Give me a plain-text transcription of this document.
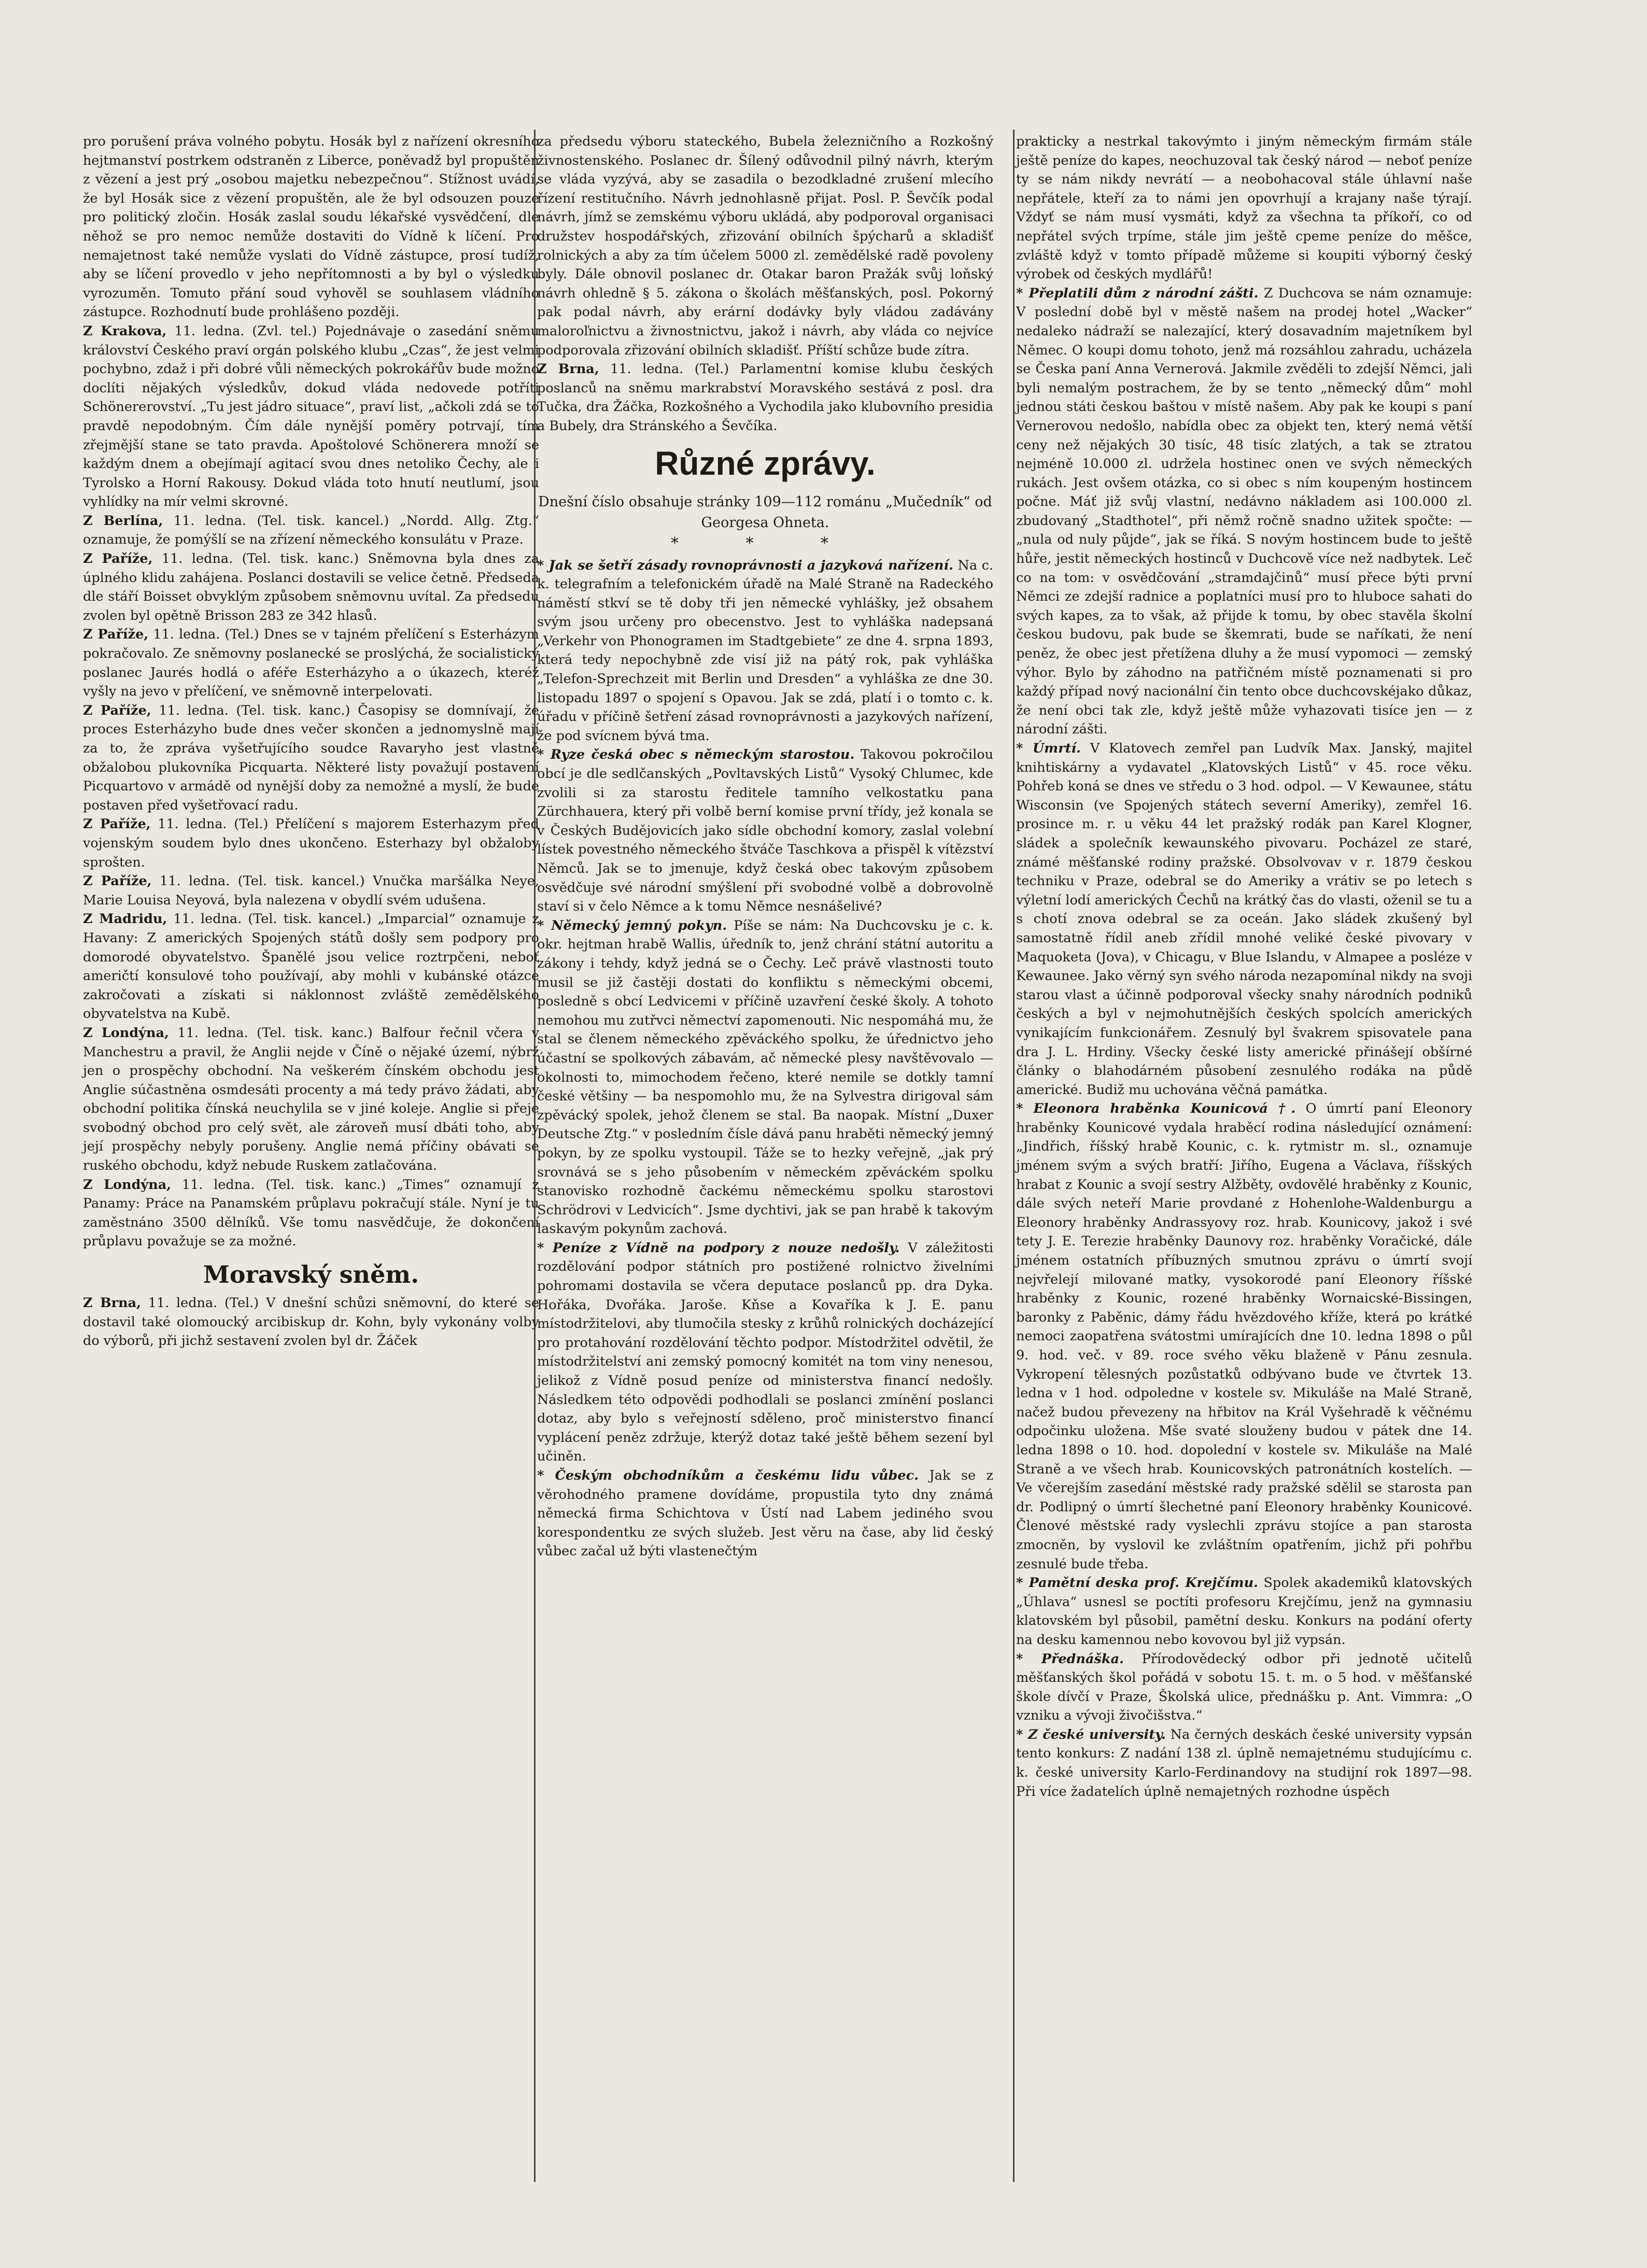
pro porušení práva volného pobytu. Hosák byl z nařízení okresního hejtmanství postrkem odstraněn z Liberce, poněvadž byl propuštěn z vězení a jest prý „osobou majetku nebezpečnou“. Stížnost uvádí, že byl Hosák sice z vězení propuštěn, ale že byl odsouzen pouze pro politický zločin. Hosák zaslal soudu lékařské vysvědčení, dle něhož se pro nemoc nemůže dostaviti do Vídně k líčení. Pro nemajetnost také nemůže vyslati do Vídně zástupce, prosí tudíž, aby se líčení provedlo v jeho nepřítomnosti a by byl o výsledku vyrozuměn. Tomuto přání soud vyhověl se souhlasem vládního zástupce. Rozhodnutí bude prohlášeno později.

Z Krakova, 11. ledna. (Zvl. tel.) Pojednávaje o zasedání sněmu království Českého praví orgán polského klubu „Czas“, že jest velmi pochybno, zdaž i při dobré vůli německých pokrokářův bude možno doclíti nějakých výsledkův, dokud vláda nedovede potříti Schönererovství. „Tu jest jádro situace“, praví list, „ačkoli zdá se to pravdě nepodobným. Čím dále nynější poměry potrvají, tím zřejmější stane se tato pravda. Apoštolové Schönerera množí se každým dnem a obejímají agitací svou dnes netoliko Čechy, ale i Tyrolsko a Horní Rakousy. Dokud vláda toto hnutí neutlumí, jsou vyhlídky na mír velmi skrovné.

Z Berlína, 11. ledna. (Tel. tisk. kancel.) „Nordd. Allg. Ztg.“ oznamuje, že pomýšlí se na zřízení německého konsulátu v Praze.

Z Paříže, 11. ledna. (Tel. tisk. kanc.) Sněmovna byla dnes za úplného klidu zahájena. Poslanci dostavili se velice četně. Předseda dle stáří Boisset obvyklým způsobem sněmovnu uvítal. Za předsedu zvolen byl opětně Brisson 283 ze 342 hlasů.

Z Paříže, 11. ledna. (Tel.) Dnes se v tajném přelíčení s Esterházym pokračovalo. Ze sněmovny poslanecké se proslýchá, že socialistický poslanec Jaurés hodlá o aféře Esterházyho a o úkazech, kteréž vyšly na jevo v přelíčení, ve sněmovně interpelovati.

Z Paříže, 11. ledna. (Tel. tisk. kanc.) Časopisy se domnívají, že proces Esterházyho bude dnes večer skončen a jednomyslně mají za to, že zpráva vyšetřujícího soudce Ravaryho jest vlastně obžalobou plukovníka Picquarta. Některé listy považují postavení Picquartovo v armádě od nynější doby za nemožné a myslí, že bude postaven před vyšetřovací radu.

Z Paříže, 11. ledna. (Tel.) Přelíčení s majorem Esterhazym před vojenským soudem bylo dnes ukončeno. Esterhazy byl obžaloby sprošten.

Z Paříže, 11. ledna. (Tel. tisk. kancel.) Vnučka maršálka Neye, Marie Louisa Neyová, byla nalezena v obydlí svém udušena.

Z Madridu, 11. ledna. (Tel. tisk. kancel.) „Imparcial“ oznamuje z Havany: Z amerických Spojených států došly sem podpory pro domorodé obyvatelstvo. Španělé jsou velice roztrpčeni, neboť američtí konsulové toho používají, aby mohli v kubánské otázce zakročovati a získati si náklonnost zvláště zemědělského obyvatelstva na Kubě.

Z Londýna, 11. ledna. (Tel. tisk. kanc.) Balfour řečnil včera v Manchestru a pravil, že Anglii nejde v Číně o nějaké území, nýbrž jen o prospěchy obchodní. Na veškerém čínském obchodu jest Anglie súčastněna osmdesáti procenty a má tedy právo žádati, aby obchodní politika čínská neuchylila se v jiné koleje. Anglie si přeje svobodný obchod pro celý svět, ale zároveň musí dbáti toho, aby její prospěchy nebyly porušeny. Anglie nemá příčiny obávati se ruského obchodu, když nebude Ruskem zatlačována.

Z Londýna, 11. ledna. (Tel. tisk. kanc.) „Times“ oznamují z Panamy: Práce na Panamském průplavu pokračují stále. Nyní je tu zaměstnáno 3500 dělníků. Vše tomu nasvědčuje, že dokončení průplavu považuje se za možné.

Moravský sněm.

Z Brna, 11. ledna. (Tel.) V dnešní schůzi sněmovní, do které se dostavil také olomoucký arcibiskup dr. Kohn, byly vykonány volby do výborů, při jichž sestavení zvolen byl dr. Žáček

za předsedu výboru stateckého, Bubela železničního a Rozkošný živnostenského. Poslanec dr. Šílený odůvodnil pilný návrh, kterým se vláda vyzývá, aby se zasadila o bezodkladné zrušení mlecího řízení restitučního. Návrh jednohlasně přijat. Posl. P. Ševčík podal návrh, jímž se zemskému výboru ukládá, aby podporoval organisaci družstev hospodářských, zřizování obilních špýcharů a skladišť rolnických a aby za tím účelem 5000 zl. zemědělské radě povoleny byly. Dále obnovil poslanec dr. Otakar baron Pražák svůj loňský návrh ohledně § 5. zákona o školách měšťanských, posl. Pokorný pak podal návrh, aby erární dodávky byly vládou zadávány maloroľnictvu a živnostnictvu, jakož i návrh, aby vláda co nejvíce podporovala zřizování obilních skladišť. Příští schůze bude zítra.

Z Brna, 11. ledna. (Tel.) Parlamentní komise klubu českých poslanců na sněmu markrabství Moravského sestává z posl. dra Tučka, dra Žáčka, Rozkošného a Vychodila jako klubovního presidia a Bubely, dra Stránského a Ševčíka.

Různé zprávy.

Dnešní číslo obsahuje stránky 109—112 románu „Mučedník“ od Georgesa Ohneta.

* * *

* Jak se šetří zásady rovnoprávnosti a jazyková nařízení. Na c. k. telegrafním a telefonickém úřadě na Malé Straně na Radeckého náměstí stkví se tě doby tři jen německé vyhlášky, jež obsahem svým jsou určeny pro obecenstvo. Jest to vyhláška nadepsaná „Verkehr von Phonogramen im Stadtgebiete“ ze dne 4. srpna 1893, která tedy nepochybně zde visí již na pátý rok, pak vyhláška „Telefon-Sprechzeit mit Berlin und Dresden“ a vyhláška ze dne 30. listopadu 1897 o spojení s Opavou. Jak se zdá, platí i o tomto c. k. úřadu v příčině šetření zásad rovnoprávnosti a jazykových nařízení, že pod svícnem bývá tma.

* Ryze česká obec s německým starostou. Takovou pokročilou obcí je dle sedlčanských „Povltavských Listů“ Vysoký Chlumec, kde zvolili si za starostu ředitele tamního velkostatku pana Zürchhauera, který při volbě berní komise první třídy, jež konala se v Českých Budějovicích jako sídle obchodní komory, zaslal volební lístek povestného německého štváče Taschkova a přispěl k vítězství Němců. Jak se to jmenuje, když česká obec takovým způsobem osvědčuje své národní smýšlení při svobodné volbě a dobrovolně staví si v čelo Němce a k tomu Němce nesnášelivé?

* Německý jemný pokyn. Píše se nám: Na Duchcovsku je c. k. okr. hejtman hrabě Wallis, úředník to, jenž chrání státní autoritu a zákony i tehdy, když jedná se o Čechy. Leč právě vlastnosti touto musil se již častěji dostati do konfliktu s německými obcemi, posledně s obcí Ledvicemi v příčině uzavření české školy. A tohoto nemohou mu zutřvci němectví zapomenouti. Nic nespomáhá mu, že stal se členem německého zpěváckého spolku, že úřednictvo jeho účastní se spolkových zábavám, ač německé plesy navštěvovalo — okolnosti to, mimochodem řečeno, které nemile se dotkly tamní české většiny — ba nespomohlo mu, že na Sylvestra dirigoval sám zpěvácký spolek, jehož členem se stal. Ba naopak. Místní „Duxer Deutsche Ztg.“ v posledním čísle dává panu hraběti německý jemný pokyn, by ze spolku vystoupil. Táže se to hezky veřejně, „jak prý srovnává se s jeho působením v německém zpěváckém spolku stanovisko rozhodně čackému německému spolku starostovi Schrödrovi v Ledvicích“. Jsme dychtivi, jak se pan hrabě k takovým laskavým pokynům zachová.

* Peníze z Vídně na podpory z nouze nedošly. V záležitosti rozdělování podpor státních pro postižené rolnictvo živelními pohromami dostavila se včera deputace poslanců pp. dra Dyka. Hořáka, Dvořáka. Jaroše. Kňse a Kovaříka k J. E. panu místodržitelovi, aby tlumočila stesky z krůhů rolnických docházející pro protahování rozdělování těchto podpor. Místodržitel odvětil, že místodržitelství ani zemský pomocný komitét na tom viny nenesou, jelikož z Vídně posud peníze od ministerstva financí nedošly. Následkem této odpovědi podhodlali se poslanci zmínění poslanci dotaz, aby bylo s veřejností sděleno, proč ministerstvo financí vyplácení peněz zdržuje, kterýž dotaz také ještě během sezení byl učiněn.

* Českým obchodníkům a českému lidu vůbec. Jak se z věrohodného pramene dovídáme, propustila tyto dny známá německá firma Schichtova v Ústí nad Labem jediného svou korespondentku ze svých služeb. Jest věru na čase, aby lid český vůbec začal už býti vlastenečtým

prakticky a nestrkal takovýmto i jiným německým firmám stále ještě peníze do kapes, neochuzoval tak český národ — neboť peníze ty se nám nikdy nevrátí — a neobohacoval stále úhlavní naše nepřátele, kteří za to námi jen opovrhují a krajany naše týrají. Vždyť se nám musí vysmáti, když za všechna ta příkoří, co od nepřátel svých trpíme, stále jim ještě cpeme peníze do měšce, zvláště když v tomto případě můžeme si koupiti výborný český výrobek od českých mydlářů!

* Přeplatili dům z národní zášti. Z Duchcova se nám oznamuje: V poslední době byl v městě našem na prodej hotel „Wacker“ nedaleko nádraží se nalezající, který dosavadním majetníkem byl Němec. O koupi domu tohoto, jenž má rozsáhlou zahradu, ucházela se Česka paní Anna Vernerová. Jakmile zvěděli to zdejší Němci, jali byli nemalým postrachem, že by se tento „německý dům“ mohl jednou státi českou baštou v místě našem. Aby pak ke koupi s paní Vernerovou nedošlo, nabídla obec za objekt ten, který nemá větší ceny než nějakých 30 tisíc, 48 tisíc zlatých, a tak se ztratou nejméně 10.000 zl. udržela hostinec onen ve svých německých rukách. Jest ovšem otázka, co si obec s ním koupeným hostincem počne. Máť již svůj vlastní, nedávno nákladem asi 100.000 zl. zbudovaný „Stadthotel“, při němž ročně snadno užitek spočte: — „nula od nuly půjde“, jak se říká. S novým hostincem bude to ještě hůře, jestit německých hostinců v Duchcově více než nadbytek. Leč co na tom: v osvědčování „stramdajčinů“ musí přece býti první Němci ze zdejší radnice a poplatníci musí pro to hluboce sahati do svých kapes, za to však, až přijde k tomu, by obec stavěla školní českou budovu, pak bude se škemrati, bude se naříkati, že není peněz, že obec jest přetížena dluhy a že musí vypomoci — zemský výhor. Bylo by záhodno na patřičném místě poznamenati si pro každý případ nový nacionální čin tento obce duchcovskéjako důkaz, že není obci tak zle, když ještě může vyhazovati tisíce jen — z národní zášti.

* Úmrtí. V Klatovech zemřel pan Ludvík Max. Janský, majitel knihtiskárny a vydavatel „Klatovských Listů“ v 45. roce věku. Pohřeb koná se dnes ve středu o 3 hod. odpol. — V Kewaunee, státu Wisconsin (ve Spojených státech severní Ameriky), zemřel 16. prosince m. r. u věku 44 let pražský rodák pan Karel Klogner, sládek a společník kewaunského pivovaru. Pocházel ze staré, známé měšťanské rodiny pražské. Obsolvovav v r. 1879 českou techniku v Praze, odebral se do Ameriky a vrátiv se po letech s výletní lodí amerických Čechů na krátký čas do vlasti, oženil se tu a s chotí znova odebral se za oceán. Jako sládek zkušený byl samostatně řídil aneb zřídil mnohé veliké české pivovary v Maquoketa (Jova), v Chicagu, v Blue Islandu, v Almapee a posléze v Kewaunee. Jako věrný syn svého národa nezapomínal nikdy na svoji starou vlast a účinně podporoval všecky snahy národních podniků českých a byl v nejmohutnějších českých spolcích amerických vynikajícím funkcionářem. Zesnulý byl švakrem spisovatele pana dra J. L. Hrdiny. Všecky české listy americké přinášejí obšírné články o blahodárném působení zesnulého rodáka na půdě americké. Budiž mu uchována věčná památka.

* Eleonora hraběnka Kounicová †. O úmrtí paní Eleonory hraběnky Kounicové vydala hraběcí rodina následující oznámení: „Jindřich, říšský hrabě Kounic, c. k. rytmistr m. sl., oznamuje jménem svým a svých bratří: Jiřího, Eugena a Václava, říšských hrabat z Kounic a svojí sestry Alžběty, ovdovělé hraběnky z Kounic, dále svých neteří Marie provdané z Hohenlohe-Waldenburgu a Eleonory hraběnky Andrassyovy roz. hrab. Kounicovy, jakož i své tety J. E. Terezie hraběnky Daunovy roz. hraběnky Voračické, dále jménem ostatních příbuzných smutnou zprávu o úmrtí svojí nejvřelejí milované matky, vysokorodé paní Eleonory říšské hraběnky z Kounic, rozené hraběnky Wornaicské-Bissingen, baronky z Paběnic, dámy řádu hvězdového kříže, která po krátké nemoci zaopatřena svátostmi umírajících dne 10. ledna 1898 o půl 9. hod. več. v 89. roce svého věku blaženě v Pánu zesnula. Vykropení tělesných pozůstatků odbývano bude ve čtvrtek 13. ledna v 1 hod. odpoledne v kostele sv. Mikuláše na Malé Straně, načež budou převezeny na hřbitov na Král Vyšehradě k věčnému odpočinku uložena. Mše svaté slouženy budou v pátek dne 14. ledna 1898 o 10. hod. dopolední v kostele sv. Mikuláše na Malé Straně a ve všech hrab. Kounicovských patronátních kostelích. — Ve včerejším zasedání městské rady pražské sdělil se starosta pan dr. Podlipný o úmrtí šlechetné paní Eleonory hraběnky Kounicové. Členové městské rady vyslechli zprávu stojíce a pan starosta zmocněn, by vyslovil ke zvláštním opatřením, jichž při pohřbu zesnulé bude třeba.

* Pamětní deska prof. Krejčímu. Spolek akademiků klatovských „Úhlava“ usnesl se poctíti profesoru Krejčímu, jenž na gymnasiu klatovském byl působil, pamětní desku. Konkurs na podání oferty na desku kamennou nebo kovovou byl již vypsán.

* Přednáška. Přírodovědecký odbor při jednotě učitelů měšťanských škol pořádá v sobotu 15. t. m. o 5 hod. v měšťanské škole dívčí v Praze, Školská ulice, přednášku p. Ant. Vimmra: „O vzniku a vývoji živočišstva.“

* Z české university. Na černých deskách české university vypsán tento konkurs: Z nadání 138 zl. úplně nemajetnému studujícímu c. k. české university Karlo-Ferdinandovy na studijní rok 1897—98. Při více žadatelích úplně nemajetných rozhodne úspěch
